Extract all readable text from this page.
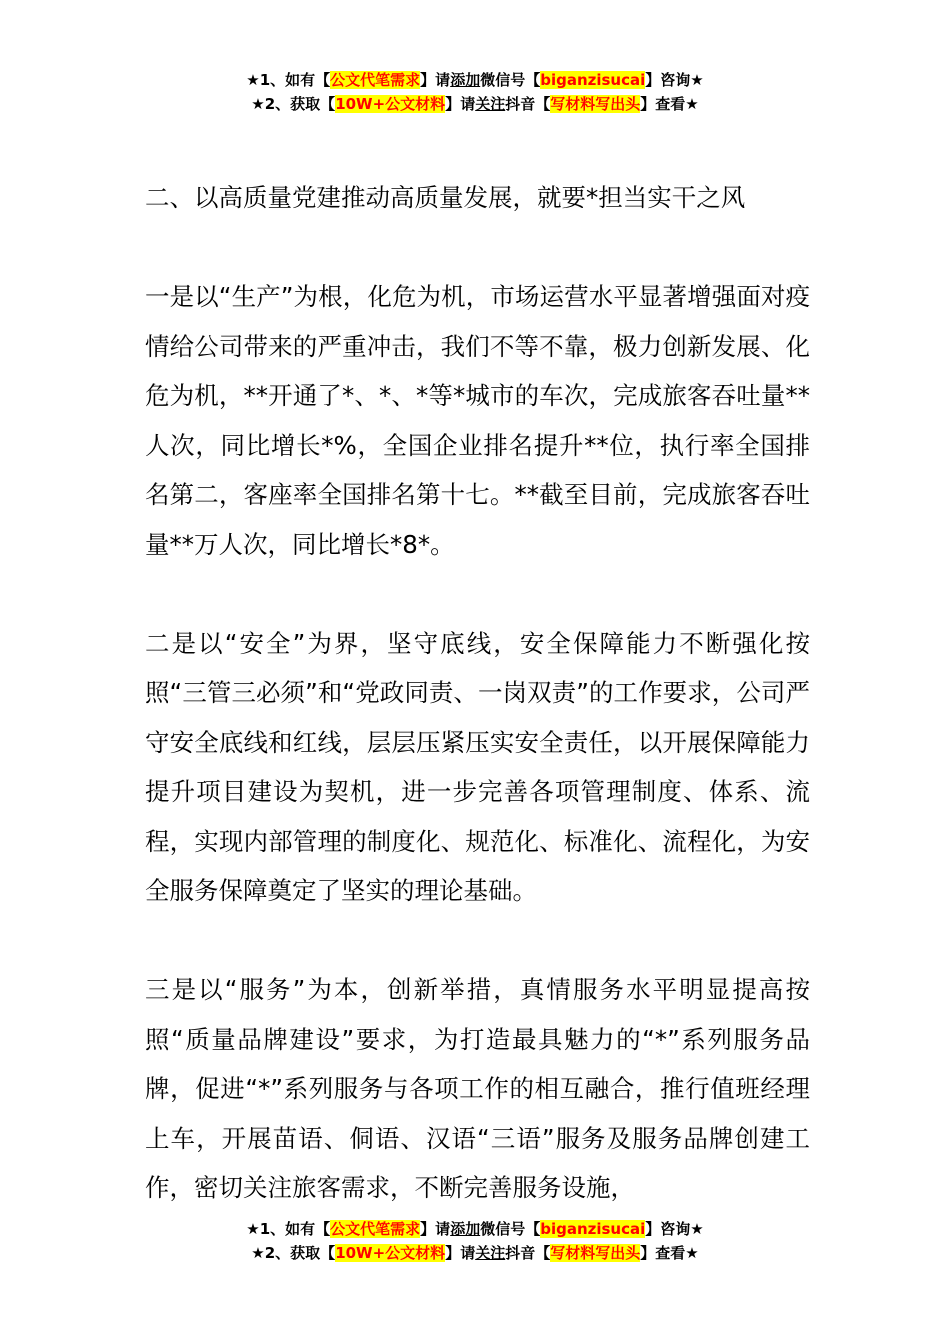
★1、如有【公文代笔需求】请添加微信号【biganzisucai】咨询★
★2、获取【10W+公文材料】请关注抖音【写材料写出头】查看★

二、以高质量党建推动高质量发展，就要*担当实干之风

一是以“生产”为根，化危为机，市场运营水平显著增强面对疫情给公司带来的严重冲击，我们不等不靠，极力创新发展、化危为机，**开通了*、*、*等*城市的车次，完成旅客吞吐量**人次，同比增长*%，全国企业排名提升**位，执行率全国排名第二，客座率全国排名第十七。**截至目前，完成旅客吞吐量**万人次，同比增长*8*。

二是以“安全”为界，坚守底线，安全保障能力不断强化按照“三管三必须”和“党政同责、一岗双责”的工作要求，公司严守安全底线和红线，层层压紧压实安全责任，以开展保障能力提升项目建设为契机，进一步完善各项管理制度、体系、流程，实现内部管理的制度化、规范化、标准化、流程化，为安全服务保障奠定了坚实的理论基础。

三是以“服务”为本，创新举措，真情服务水平明显提高按照“质量品牌建设”要求，为打造最具魅力的“*”系列服务品牌，促进“*”系列服务与各项工作的相互融合，推行值班经理上车，开展苗语、侗语、汉语“三语”服务及服务品牌创建工作，密切关注旅客需求，不断完善服务设施，

★1、如有【公文代笔需求】请添加微信号【biganzisucai】咨询★
★2、获取【10W+公文材料】请关注抖音【写材料写出头】查看★
